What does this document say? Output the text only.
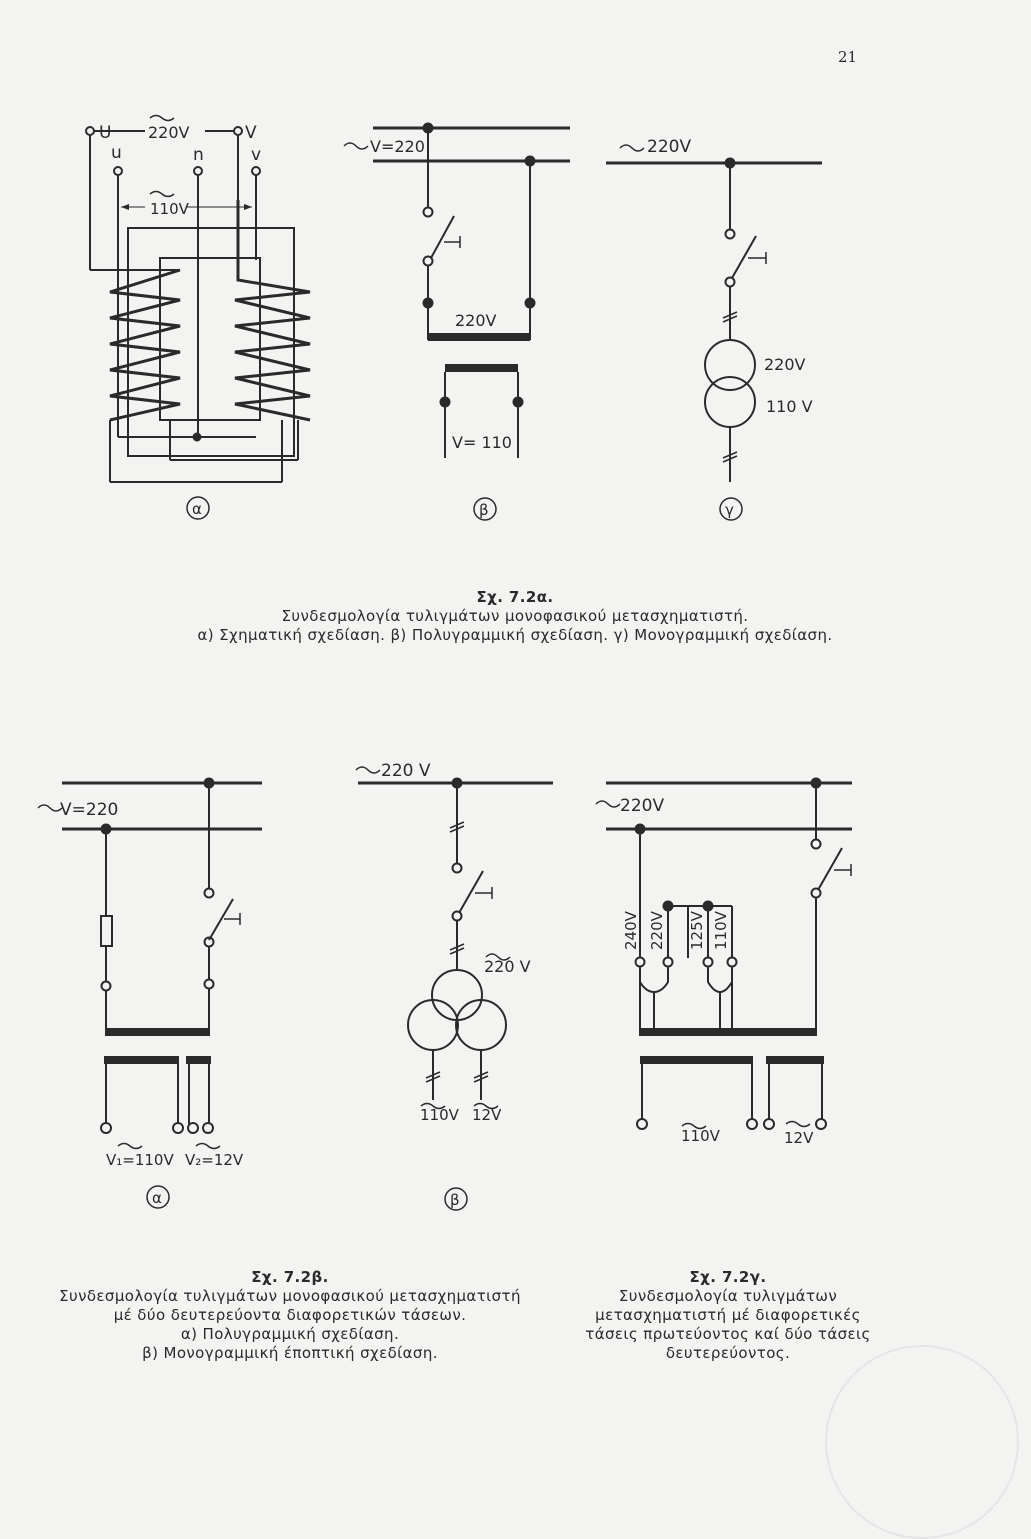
21
U	V
220V
u	n	v
110V
α
V=220
220V
V= 110
β
220V
220V
110 V
γ
V=220
V₁=110V V₂=12V
α
220 V
220 V
110V 12V
β
220V
240V 220V 125V 110V
110V	12V
Σχ. 7.2α.
Συνδεσμολογία τυλιγμάτων μονοφασικού μετασχηματιστή.
α) Σχηματική σχεδίαση. β) Πολυγραμμική σχεδίαση. γ) Μονογραμμική σχεδίαση.
Σχ. 7.2β.
Συνδεσμολογία τυλιγμάτων μονοφασικού μετασχηματιστή
μέ δύο δευτερεύοντα διαφορετικών τάσεων.
α) Πολυγραμμική σχεδίαση.
β) Μονογραμμική έποπτική σχεδίαση.
Σχ. 7.2γ.
Συνδεσμολογία τυλιγμάτων
μετασχηματιστή μέ διαφορετικές
τάσεις πρωτεύοντος καί δύο τάσεις
δευτερεύοντος.
